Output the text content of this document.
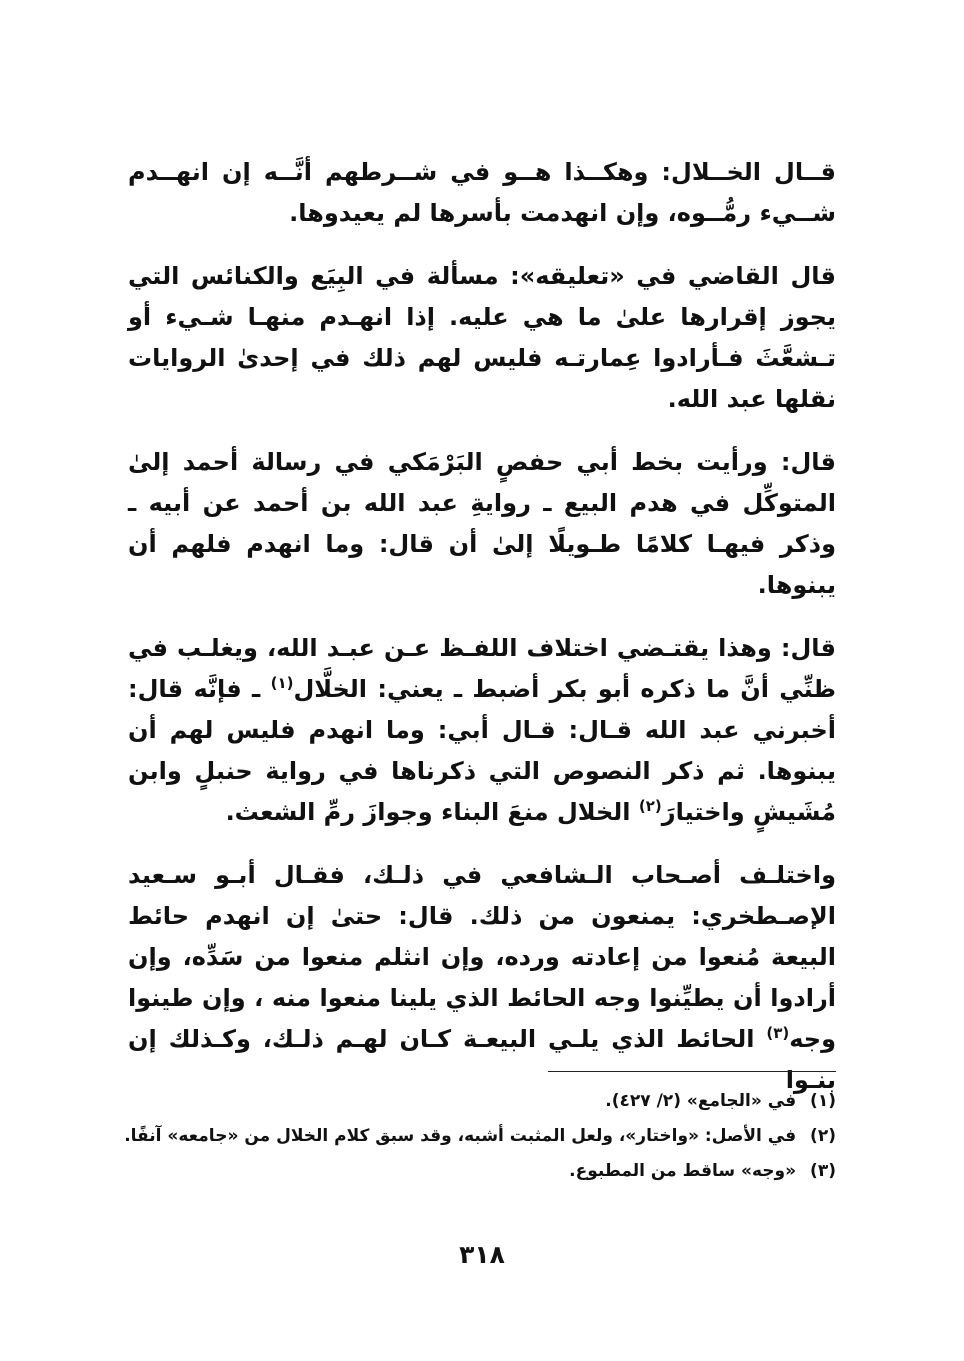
قــال الخــلال: وهكــذا هــو في شــرطهم أنَّــه إن انهــدم شــيء رمُّــوه، وإن انهدمت بأسرها لم يعيدوها.

قال القاضي في «تعليقه»: مسألة في البِيَع والكنائس التي يجوز إقرارها علىٰ ما هي عليه. إذا انهـدم منهـا شـيء أو تـشعَّثَ فـأرادوا عِمارتـه فليس لهم ذلك في إحدىٰ الروايات نقلها عبد الله.

قال: ورأيت بخط أبي حفصٍ البَرْمَكي في رسالة أحمد إلىٰ المتوكِّل في هدم البيع ـ روايةِ عبد الله بن أحمد عن أبيه ـ وذكر فيهـا كلامًا طـويلًا إلىٰ أن قال: وما انهدم فلهم أن يبنوها.

قال: وهذا يقتـضي اختلاف اللفـظ عـن عبـد الله، ويغلـب في ظنِّي أنَّ ما ذكره أبو بكر أضبط ـ يعني: الخلَّال$^{(١)}$ ـ فإنَّه قال: أخبرني عبد الله قـال: قـال أبي: وما انهدم فليس لهم أن يبنوها. ثم ذكر النصوص التي ذكرناها في رواية حنبلٍ وابن مُشَيشٍ واختيارَ$^{(٢)}$ الخلال منعَ البناء وجوازَ رمِّ الشعث.

واختلـف أصـحاب الـشافعي في ذلـك، فقـال أبـو سـعيد الإصـطخري: يمنعون من ذلك. قال: حتىٰ إن انهدم حائط البيعة مُنعوا من إعادته ورده، وإن انثلم منعوا من سَدِّه، وإن أرادوا أن يطيِّنوا وجه الحائط الذي يلينا منعوا منه ، وإن طينوا وجه$^{(٣)}$ الحائط الذي يلـي البيعـة كـان لهـم ذلـك، وكـذلك إن بنـوا

(١) في «الجامع» (٢/ ٤٢٧).
(٢) في الأصل: «واختار»، ولعل المثبت أشبه، وقد سبق كلام الخلال من «جامعه» آنفًا.
(٣) «وجه» ساقط من المطبوع.
٣١٨
